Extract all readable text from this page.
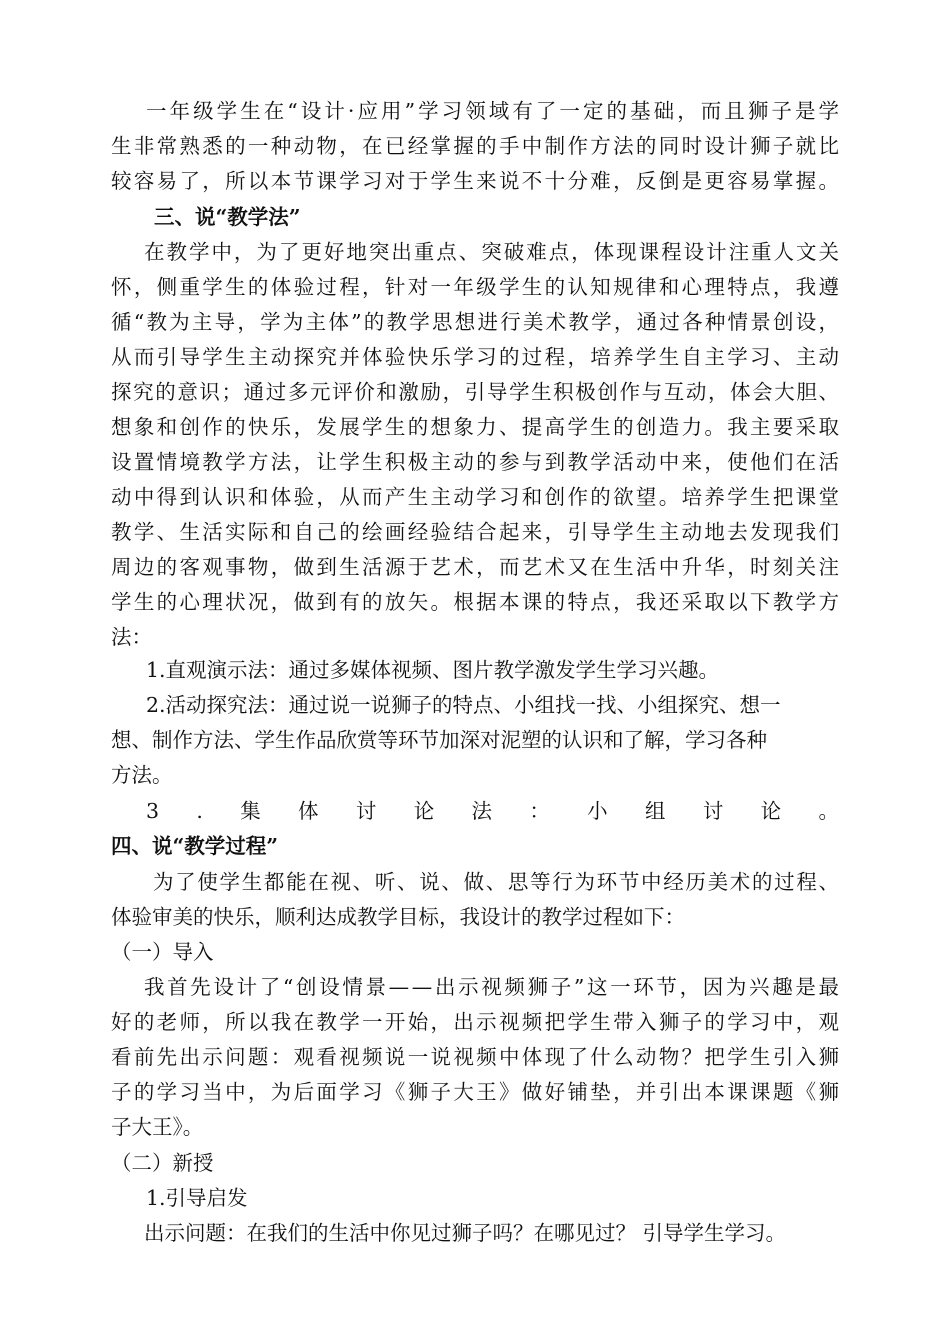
一年级学生在“设计·应用”学习领域有了一定的基础，而且狮子是学
生非常熟悉的一种动物，在已经掌握的手中制作方法的同时设计狮子就比
较容易了，所以本节课学习对于学生来说不十分难，反倒是更容易掌握。
三、说“教学法”
在教学中，为了更好地突出重点、突破难点，体现课程设计注重人文关
怀，侧重学生的体验过程，针对一年级学生的认知规律和心理特点，我遵
循“教为主导，学为主体”的教学思想进行美术教学，通过各种情景创设，
从而引导学生主动探究并体验快乐学习的过程，培养学生自主学习、主动
探究的意识；通过多元评价和激励，引导学生积极创作与互动，体会大胆、
想象和创作的快乐，发展学生的想象力、提高学生的创造力。我主要采取
设置情境教学方法，让学生积极主动的参与到教学活动中来，使他们在活
动中得到认识和体验，从而产生主动学习和创作的欲望。培养学生把课堂
教学、生活实际和自己的绘画经验结合起来，引导学生主动地去发现我们
周边的客观事物，做到生活源于艺术，而艺术又在生活中升华，时刻关注
学生的心理状况，做到有的放矢。根据本课的特点，我还采取以下教学方
法：
1.直观演示法：通过多媒体视频、图片教学激发学生学习兴趣。
2.活动探究法：通过说一说狮子的特点、小组找一找、小组探究、想一
想、制作方法、学生作品欣赏等环节加深对泥塑的认识和了解，学习各种
方法。
3.集体讨论法：小组讨论。
四、说“教学过程”
为了使学生都能在视、听、说、做、思等行为环节中经历美术的过程、
体验审美的快乐，顺利达成教学目标，我设计的教学过程如下：
（一）导入
我首先设计了“创设情景——出示视频狮子”这一环节，因为兴趣是最
好的老师，所以我在教学一开始，出示视频把学生带入狮子的学习中，观
看前先出示问题：观看视频说一说视频中体现了什么动物？把学生引入狮
子的学习当中，为后面学习《狮子大王》做好铺垫，并引出本课课题《狮
子大王》。
（二）新授
1.引导启发
出示问题：在我们的生活中你见过狮子吗？在哪见过？ 引导学生学习。
